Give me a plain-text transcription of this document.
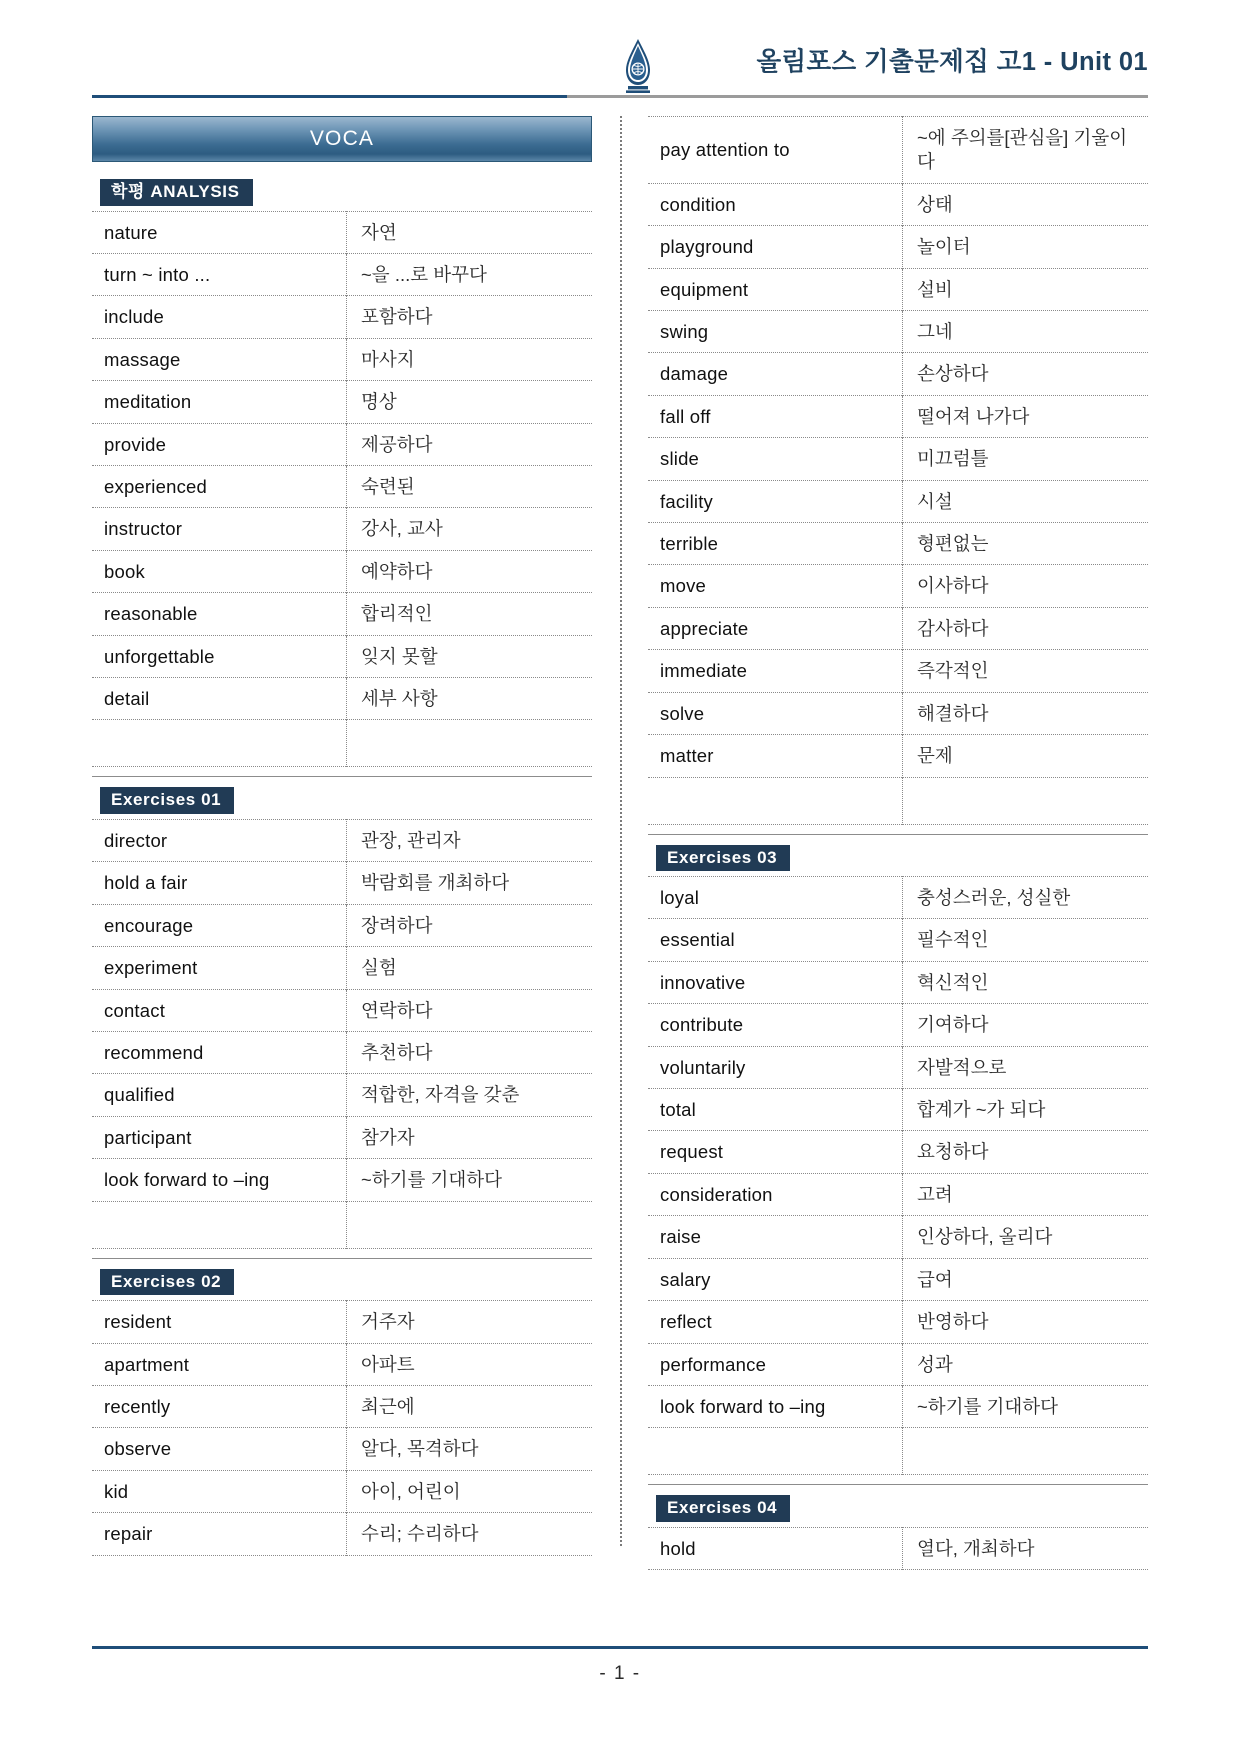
올림포스 기출문제집 고1 - Unit 01
VOCA
학평 ANALYSIS
nature	자연
turn ~ into ...	~을 ...로 바꾸다
include	포함하다
massage	마사지
meditation	명상
provide	제공하다
experienced	숙련된
instructor	강사, 교사
book	예약하다
reasonable	합리적인
unforgettable	잊지 못할
detail	세부 사항

Exercises 01
director	관장, 관리자
hold a fair	박람회를 개최하다
encourage	장려하다
experiment	실험
contact	연락하다
recommend	추천하다
qualified	적합한, 자격을 갖춘
participant	참가자
look forward to –ing	~하기를 기대하다

Exercises 02
resident	거주자
apartment	아파트
recently	최근에
observe	알다, 목격하다
kid	아이, 어린이
repair	수리; 수리하다
pay attention to	~에 주의를[관심을] 기울이다
condition	상태
playground	놀이터
equipment	설비
swing	그네
damage	손상하다
fall off	떨어져 나가다
slide	미끄럼틀
facility	시설
terrible	형편없는
move	이사하다
appreciate	감사하다
immediate	즉각적인
solve	해결하다
matter	문제

Exercises 03
loyal	충성스러운, 성실한
essential	필수적인
innovative	혁신적인
contribute	기여하다
voluntarily	자발적으로
total	합계가 ~가 되다
request	요청하다
consideration	고려
raise	인상하다, 올리다
salary	급여
reflect	반영하다
performance	성과
look forward to –ing	~하기를 기대하다

Exercises 04
hold	열다, 개최하다
- 1 -
